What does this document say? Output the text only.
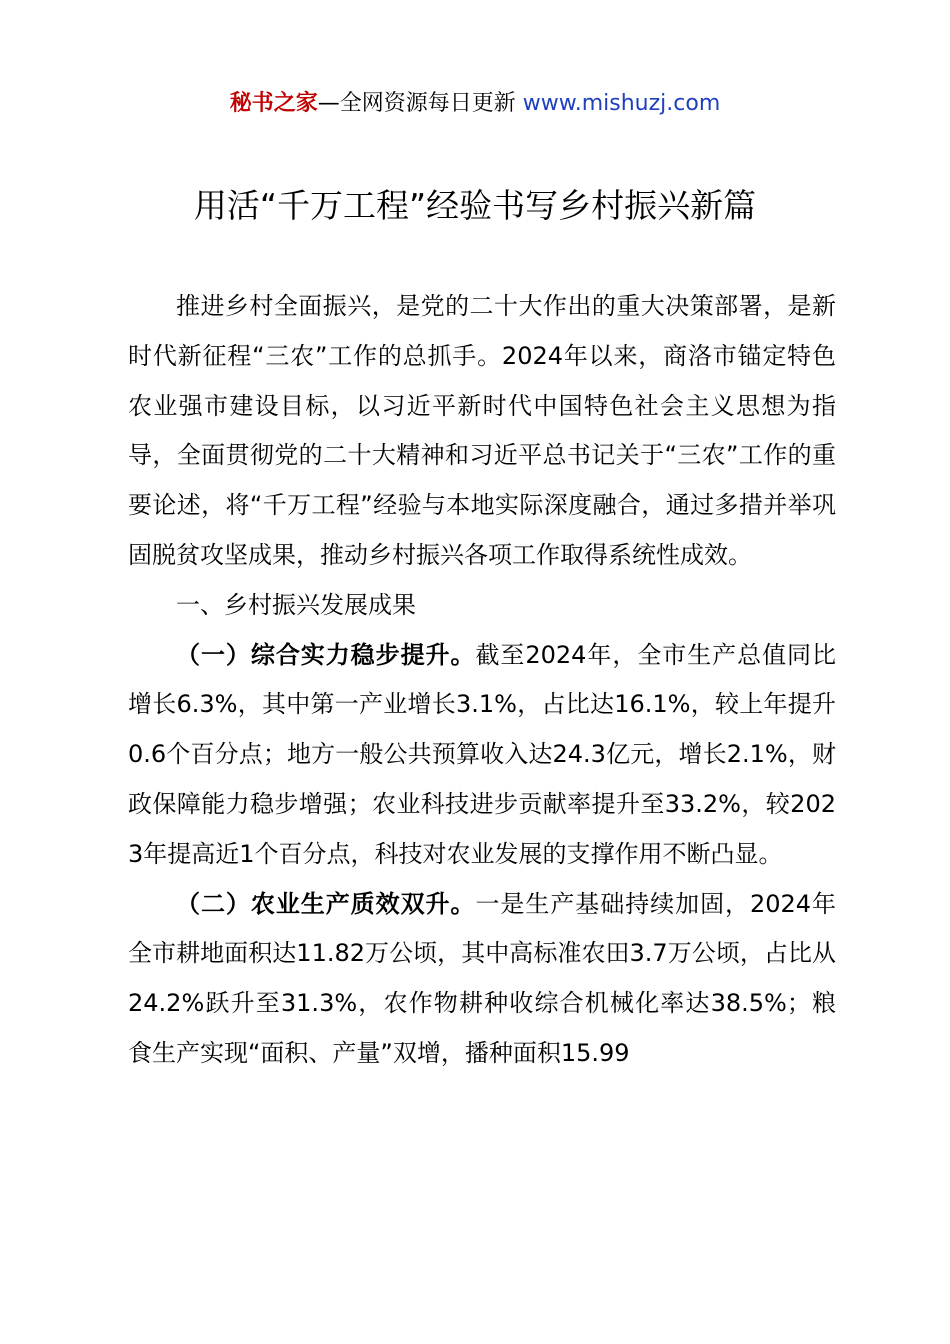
秘书之家—全网资源每日更新 www.mishuzj.com
用活“千万工程”经验书写乡村振兴新篇

推进乡村全面振兴，是党的二十大作出的重大决策部署，是新时代新征程“三农”工作的总抓手。2024年以来，商洛市锚定特色农业强市建设目标，以习近平新时代中国特色社会主义思想为指导，全面贯彻党的二十大精神和习近平总书记关于“三农”工作的重要论述，将“千万工程”经验与本地实际深度融合，通过多措并举巩固脱贫攻坚成果，推动乡村振兴各项工作取得系统性成效。

一、乡村振兴发展成果

（一）综合实力稳步提升。截至2024年，全市生产总值同比增长6.3%，其中第一产业增长3.1%，占比达16.1%，较上年提升0.6个百分点；地方一般公共预算收入达24.3亿元，增长2.1%，财政保障能力稳步增强；农业科技进步贡献率提升至33.2%，较2023年提高近1个百分点，科技对农业发展的支撑作用不断凸显。

（二）农业生产质效双升。一是生产基础持续加固，2024年全市耕地面积达11.82万公顷，其中高标准农田3.7万公顷，占比从24.2%跃升至31.3%，农作物耕种收综合机械化率达38.5%；粮食生产实现“面积、产量”双增，播种面积15.99
